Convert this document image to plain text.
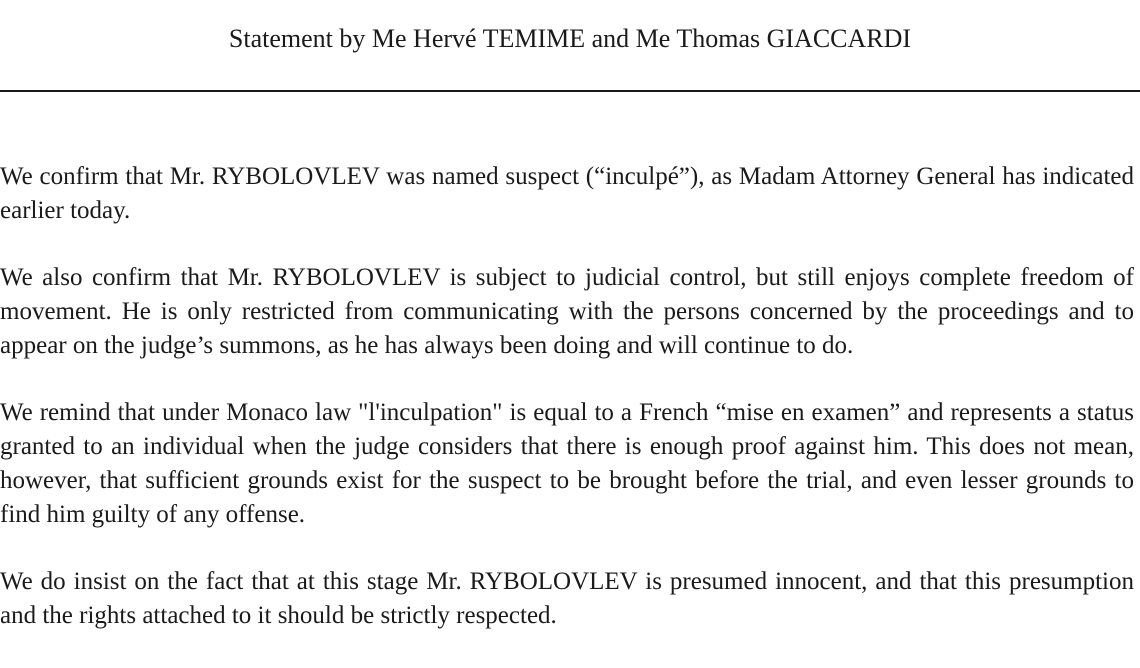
Statement by Me Hervé TEMIME and Me Thomas GIACCARDI

We confirm that Mr. RYBOLOVLEV was named suspect (“inculpé”), as Madam Attorney General has indicated earlier today.

We also confirm that Mr. RYBOLOVLEV is subject to judicial control, but still enjoys complete freedom of movement. He is only restricted from communicating with the persons concerned by the proceedings and to appear on the judge’s summons, as he has always been doing and will continue to do.

We remind that under Monaco law "l'inculpation" is equal to a French “mise en examen” and represents a status granted to an individual when the judge considers that there is enough proof against him. This does not mean, however, that sufficient grounds exist for the suspect to be brought before the trial, and even lesser grounds to find him guilty of any offense.

We do insist on the fact that at this stage Mr. RYBOLOVLEV is presumed innocent, and that this presumption and the rights attached to it should be strictly respected.
